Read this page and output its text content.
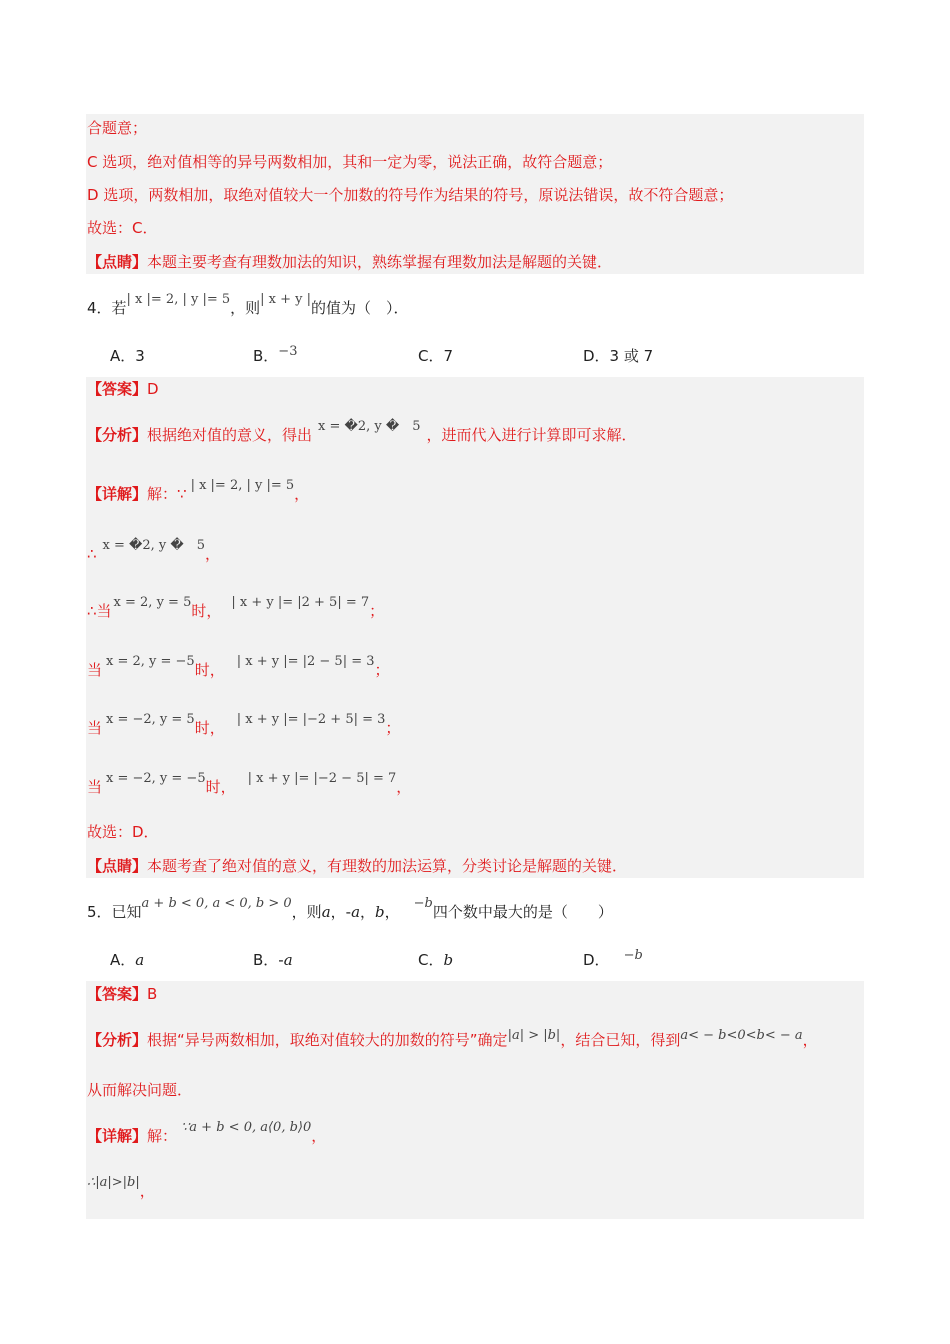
合题意；
C 选项，绝对值相等的异号两数相加，其和一定为零，说法正确，故符合题意；
D 选项，两数相加，取绝对值较大一个加数的符号作为结果的符号，原说法错误，故不符合题意；
故选：C．
【点睛】本题主要考查有理数加法的知识，熟练掌握有理数加法是解题的关键．
4．若| x |= 2, | y |= 5，则| x + y |的值为（　）．
A．3	B．−3	C．7	D．3 或 7
【答案】D
【分析】根据绝对值的意义，得出 x = �2, y �　5 ，进而代入进行计算即可求解．
【详解】解：∵ | x |= 2, | y |= 5，
∴ x = �2, y �　5，
∴当 x = 2, y = 5时， | x + y |= |2 + 5| = 7；
当 x = 2, y = −5时， | x + y |= |2 − 5| = 3；
当 x = −2, y = 5时， | x + y |= |−2 + 5| = 3；
当 x = −2, y = −5时， | x + y |= |−2 − 5| = 7，
故选：D．
【点睛】本题考查了绝对值的意义，有理数的加法运算，分类讨论是解题的关键．
5．已知a + b < 0, a < 0, b > 0，则a，-a，b， −b四个数中最大的是（　　）
A．a	B．-a	C．b	D． −b
【答案】B
【分析】根据“异号两数相加，取绝对值较大的加数的符号”确定|a| > |b|，结合已知，得到a< − b<0<b< − a，
从而解决问题．
【详解】解： ∵a + b < 0, a⟨0, b⟩0，
∴|a|>|b|，
